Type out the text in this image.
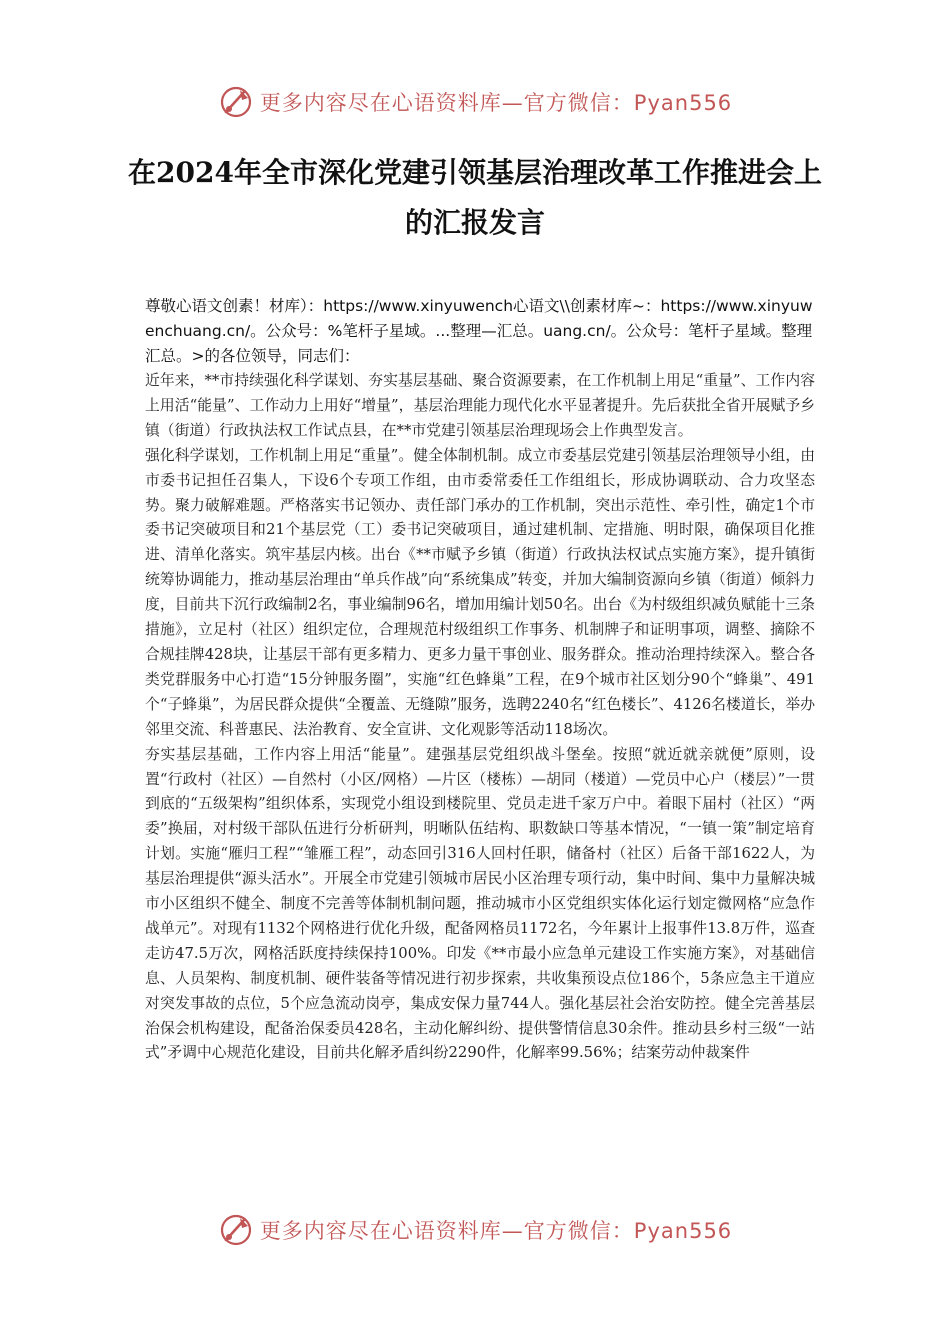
更多内容尽在心语资料库—官方微信：Pyan556
在2024年全市深化党建引领基层治理改革工作推进会上的汇报发言
尊敬心语文创素！材库）：https://www.xinyuwench心语文\\创素材库~：https://www.xinyuwenchuang.cn/。公众号：%笔杆子星域。...整理—汇总。uang.cn/。公众号：笔杆子星域。整理汇总。>的各位领导，同志们：

近年来，**市持续强化科学谋划、夯实基层基础、聚合资源要素，在工作机制上用足“重量”、工作内容上用活“能量”、工作动力上用好“增量”，基层治理能力现代化水平显著提升。先后获批全省开展赋予乡镇（街道）行政执法权工作试点县，在**市党建引领基层治理现场会上作典型发言。

强化科学谋划，工作机制上用足“重量”。健全体制机制。成立市委基层党建引领基层治理领导小组，由市委书记担任召集人，下设6个专项工作组，由市委常委任工作组组长，形成协调联动、合力攻坚态势。聚力破解难题。严格落实书记领办、责任部门承办的工作机制，突出示范性、牵引性，确定1个市委书记突破项目和21个基层党（工）委书记突破项目，通过建机制、定措施、明时限，确保项目化推进、清单化落实。筑牢基层内核。出台《**市赋予乡镇（街道）行政执法权试点实施方案》，提升镇街统筹协调能力，推动基层治理由“单兵作战”向“系统集成”转变，并加大编制资源向乡镇（街道）倾斜力度，目前共下沉行政编制2名，事业编制96名，增加用编计划50名。出台《为村级组织减负赋能十三条措施》，立足村（社区）组织定位，合理规范村级组织工作事务、机制牌子和证明事项，调整、摘除不合规挂牌428块，让基层干部有更多精力、更多力量干事创业、服务群众。推动治理持续深入。整合各类党群服务中心打造“15分钟服务圈”，实施“红色蜂巢”工程，在9个城市社区划分90个“蜂巢”、491个“子蜂巢”，为居民群众提供“全覆盖、无缝隙”服务，选聘2240名“红色楼长”、4126名楼道长，举办邻里交流、科普惠民、法治教育、安全宣讲、文化观影等活动118场次。

夯实基层基础，工作内容上用活“能量”。建强基层党组织战斗堡垒。按照“就近就亲就便”原则，设置“行政村（社区）—自然村（小区/网格）—片区（楼栋）—胡同（楼道）—党员中心户（楼层）”一贯到底的“五级架构”组织体系，实现党小组设到楼院里、党员走进千家万户中。着眼下届村（社区）“两委”换届，对村级干部队伍进行分析研判，明晰队伍结构、职数缺口等基本情况，“一镇一策”制定培育计划。实施“雁归工程”“雏雁工程”，动态回引316人回村任职，储备村（社区）后备干部1622人，为基层治理提供“源头活水”。开展全市党建引领城市居民小区治理专项行动，集中时间、集中力量解决城市小区组织不健全、制度不完善等体制机制问题，推动城市小区党组织实体化运行划定微网格“应急作战单元”。对现有1132个网格进行优化升级，配备网格员1172名，今年累计上报事件13.8万件，巡查走访47.5万次，网格活跃度持续保持100%。印发《**市最小应急单元建设工作实施方案》，对基础信息、人员架构、制度机制、硬件装备等情况进行初步探索，共收集预设点位186个，5条应急主干道应对突发事故的点位，5个应急流动岗亭，集成安保力量744人。强化基层社会治安防控。健全完善基层治保会机构建设，配备治保委员428名，主动化解纠纷、提供警情信息30余件。推动县乡村三级“一站式”矛调中心规范化建设，目前共化解矛盾纠纷2290件，化解率99.56%；结案劳动仲裁案件

更多内容尽在心语资料库—官方微信：Pyan556
